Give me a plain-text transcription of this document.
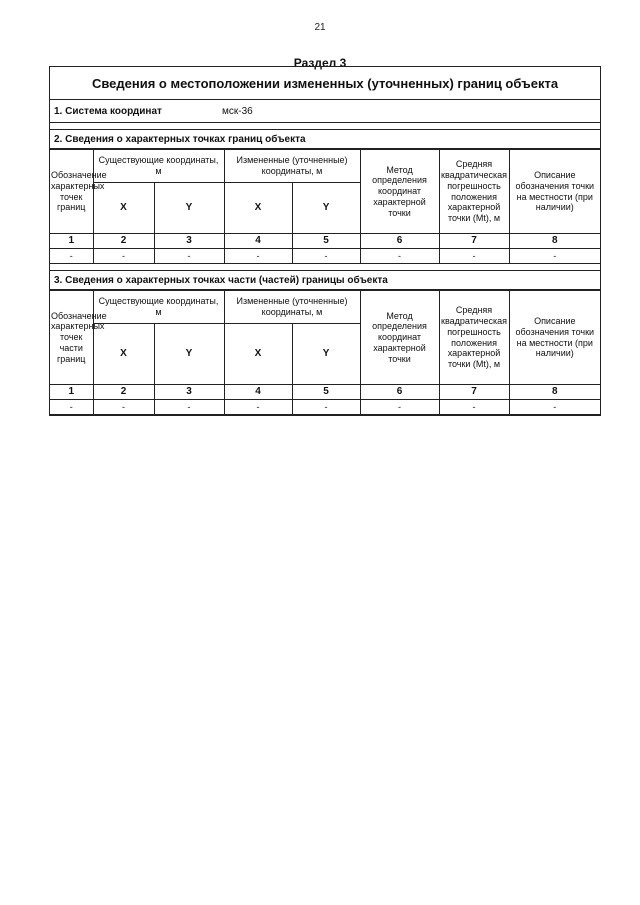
21
Раздел 3
Сведения о местоположении измененных (уточненных) границ объекта
1. Система координат	мск-36
2. Сведения о характерных точках границ объекта
Обозначение характерных точек границ	Существующие координаты, м		Измененные (уточненные) координаты, м		Метод определения координат характерной точки	Средняя квадратическая погрешность положения характерной точки (Mt), м	Описание обозначения точки на местности (при наличии)
	X	Y	X	Y			
1	2	3	4	5	6	7	8
-	-	-	-	-	-	-	-
3. Сведения о характерных точках части (частей) границы объекта
Обозначение характерных точек части границ	Существующие координаты, м		Измененные (уточненные) координаты, м		Метод определения координат характерной точки	Средняя квадратическая погрешность положения характерной точки (Mt), м	Описание обозначения точки на местности (при наличии)
	X	Y	X	Y			
1	2	3	4	5	6	7	8
-	-	-	-	-	-	-	-
